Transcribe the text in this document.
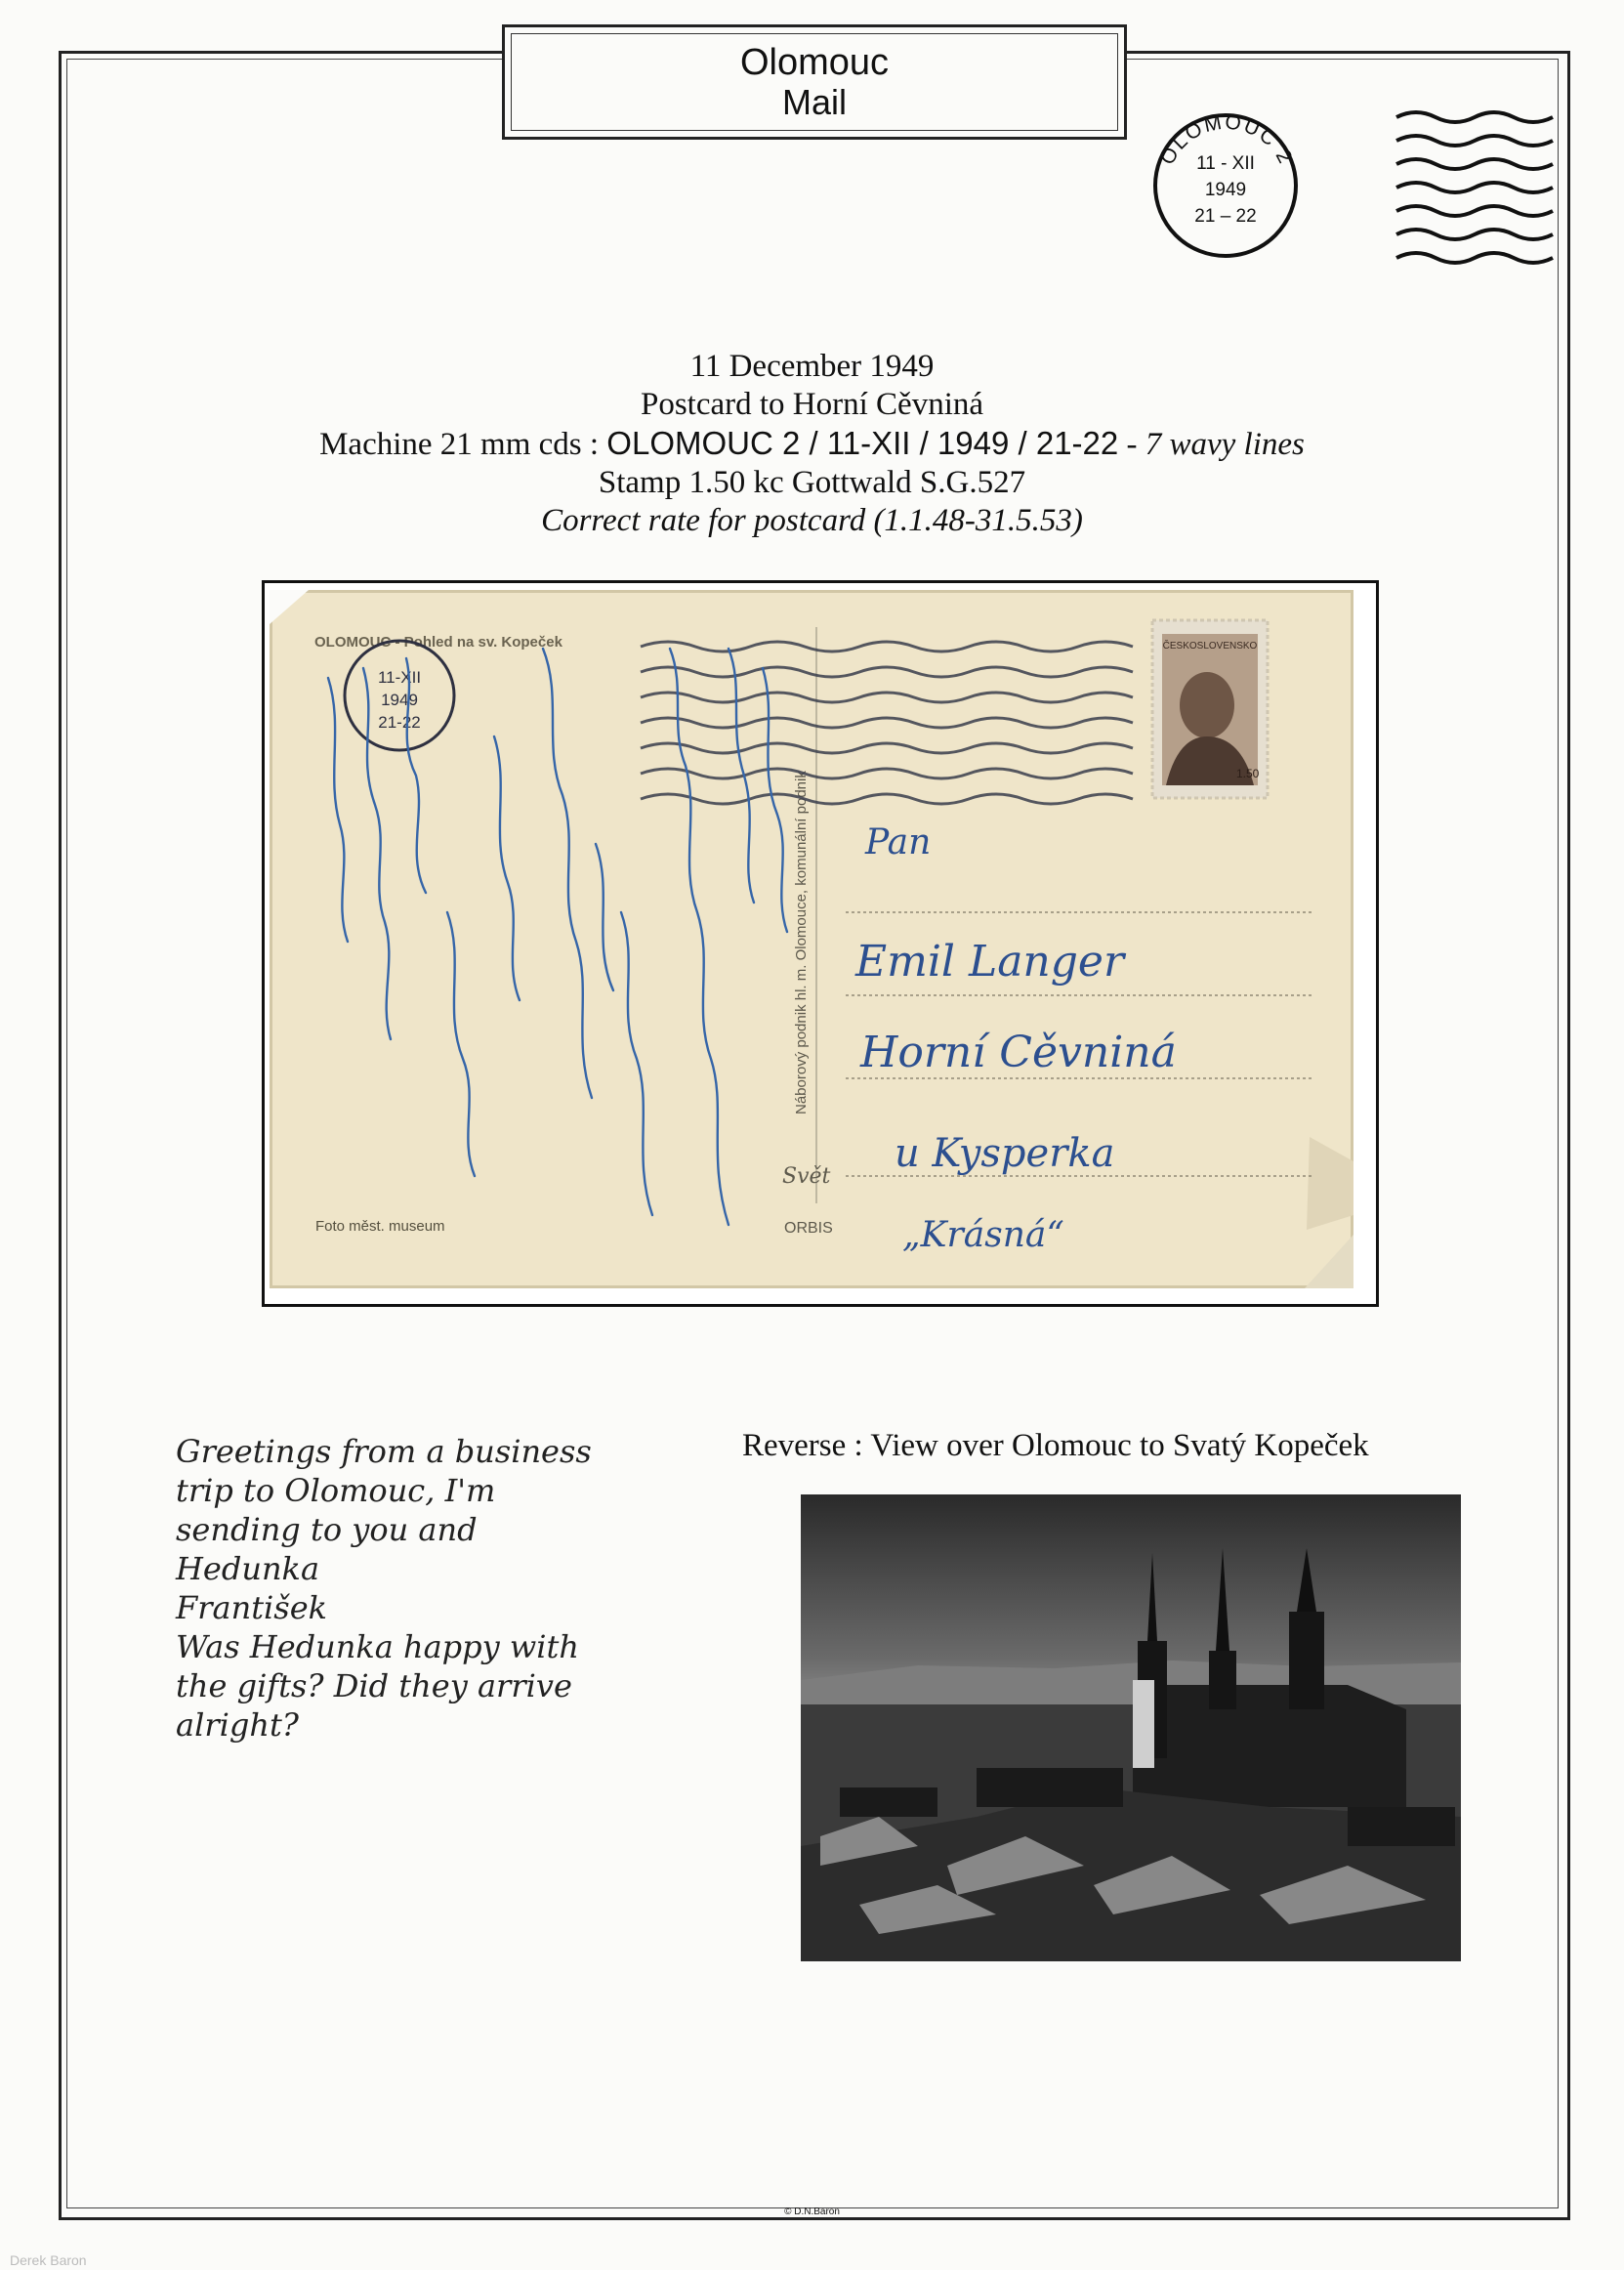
Olomouc
Mail
OLOMOUC 2
11 - XII
1949
21 – 22
11 December 1949
Postcard to Horní Cěvniná
Machine 21 mm cds : OLOMOUC 2 / 11-XII / 1949 / 21-22 - 7 wavy lines
Stamp 1.50 kc Gottwald S.G.527
Correct rate for postcard (1.1.48-31.5.53)
OLOMOUC - Pohled na sv. Kopeček
Foto měst. museum
Náborový podnik hl. m. Olomouce, komunální podnik
Svět
ORBIS
11-XII
1949
21-22
ČESKOSLOVENSKO
1.50
Pan
Emil Langer
Horní Cěvniná
u Kysperka
„Krásná“
Greetings from a business
trip to Olomouc, I'm
sending to you and
Hedunka
František
Was Hedunka happy with
the gifts? Did they arrive
alright?
Reverse : View over Olomouc to Svatý Kopeček
© D.N.Baron
Derek Baron
